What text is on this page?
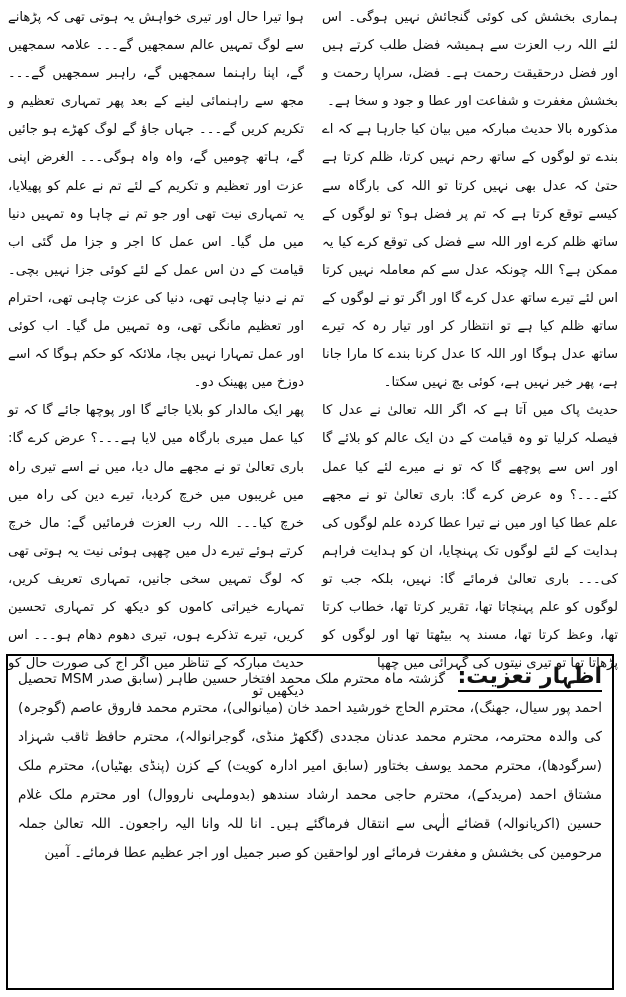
ہماری بخشش کی کوئی گنجائش نہیں ہوگی۔ اس لئے اللہ رب العزت سے ہمیشہ فضل طلب کرتے ہیں اور فضل درحقیقت رحمت ہے۔ فضل، سراپا رحمت و بخشش مغفرت و شفاعت اور عطا و جود و سخا ہے۔

مذکورہ بالا حدیث مبارکہ میں بیان کیا جارہا ہے کہ اے بندے تو لوگوں کے ساتھ رحم نہیں کرتا، ظلم کرتا ہے حتیٰ کہ عدل بھی نہیں کرتا تو اللہ کی بارگاہ سے کیسے توقع کرتا ہے کہ تم پر فضل ہو؟ تو لوگوں کے ساتھ ظلم کرے اور اللہ سے فضل کی توقع کرے کیا یہ ممکن ہے؟ اللہ چونکہ عدل سے کم معاملہ نہیں کرتا اس لئے تیرے ساتھ عدل کرے گا اور اگر تو نے لوگوں کے ساتھ ظلم کیا ہے تو انتظار کر اور تیار رہ کہ تیرے ساتھ عدل ہوگا اور اللہ کا عدل کرنا بندے کا مارا جانا ہے، پھر خیر نہیں ہے، کوئی بچ نہیں سکتا۔

حدیث پاک میں آتا ہے کہ اگر اللہ تعالیٰ نے عدل کا فیصلہ کرلیا تو وہ قیامت کے دن ایک عالم کو بلائے گا اور اس سے پوچھے گا کہ تو نے میرے لئے کیا عمل کئے۔۔۔؟ وہ عرض کرے گا: باری تعالیٰ تو نے مجھے علم عطا کیا اور میں نے تیرا عطا کردہ علم لوگوں کی ہدایت کے لئے لوگوں تک پہنچایا، ان کو ہدایت فراہم کی۔۔۔ باری تعالیٰ فرمائے گا: نہیں، بلکہ جب تو لوگوں کو علم پہنچاتا تھا، تقریر کرتا تھا، خطاب کرتا تھا، وعظ کرتا تھا، مسند پہ بیٹھتا تھا اور لوگوں کو پڑھاتا تھا تو تیری نیتوں کی گہرائی میں چھپا

ہوا تیرا حال اور تیری خواہش یہ ہوتی تھی کہ پڑھانے سے لوگ تمہیں عالم سمجھیں گے۔۔۔ علامہ سمجھیں گے، اپنا راہنما سمجھیں گے، راہبر سمجھیں گے۔۔۔ مجھ سے راہنمائی لینے کے بعد پھر تمہاری تعظیم و تکریم کریں گے۔۔۔ جہاں جاؤ گے لوگ کھڑے ہو جائیں گے، ہاتھ چومیں گے، واہ واہ ہوگی۔۔۔ الغرض اپنی عزت اور تعظیم و تکریم کے لئے تم نے علم کو پھیلایا، یہ تمہاری نیت تھی اور جو تم نے چاہا وہ تمہیں دنیا میں مل گیا۔ اس عمل کا اجر و جزا مل گئی اب قیامت کے دن اس عمل کے لئے کوئی جزا نہیں بچی۔ تم نے دنیا چاہی تھی، دنیا کی عزت چاہی تھی، احترام اور تعظیم مانگی تھی، وہ تمہیں مل گیا۔ اب کوئی اور عمل تمہارا نہیں بچا، ملائکہ کو حکم ہوگا کہ اسے دوزخ میں پھینک دو۔

پھر ایک مالدار کو بلایا جائے گا اور پوچھا جائے گا کہ تو کیا عمل میری بارگاہ میں لایا ہے۔۔۔؟ عرض کرے گا: باری تعالیٰ تو نے مجھے مال دیا، میں نے اسے تیری راہ میں غریبوں میں خرچ کردیا، تیرے دین کی راہ میں خرچ کیا۔۔۔ اللہ رب العزت فرمائیں گے: مال خرچ کرتے ہوئے تیرے دل میں چھپی ہوئی نیت یہ ہوتی تھی کہ لوگ تمہیں سخی جانیں، تمہاری تعریف کریں، تمہارے خیراتی کاموں کو دیکھ کر تمہاری تحسین کریں، تیرے تذکرے ہوں، تیری دھوم دھام ہو۔۔۔ اس حدیث مبارکہ کے تناظر میں اگر آج کی صورت حال کو دیکھیں تو

اظہار تعزیت: گزشتہ ماہ محترم ملک محمد افتخار حسین طاہر (سابق صدر MSM تحصیل احمد پور سیال، جھنگ)، محترم الحاج خورشید احمد خان (میانوالی)، محترم محمد فاروق عاصم (گوجرہ) کی والدہ محترمہ، محترم محمد عدنان مجددی (گکھڑ منڈی، گوجرانوالہ)، محترم حافظ ثاقب شہزاد (سرگودھا)، محترم محمد یوسف بختاور (سابق امیر ادارہ کویت) کے کزن (پنڈی بھٹیاں)، محترم ملک مشتاق احمد (مریدکے)، محترم حاجی محمد ارشاد سندھو (بدوملہی نارووال) اور محترم ملک غلام حسین (اکریانوالہ) قضائے الٰہی سے انتقال فرماگئے ہیں۔ انا للہ وانا الیہ راجعون۔ اللہ تعالیٰ جملہ مرحومین کی بخشش و مغفرت فرمائے اور لواحقین کو صبر جمیل اور اجر عظیم عطا فرمائے۔ آمین
